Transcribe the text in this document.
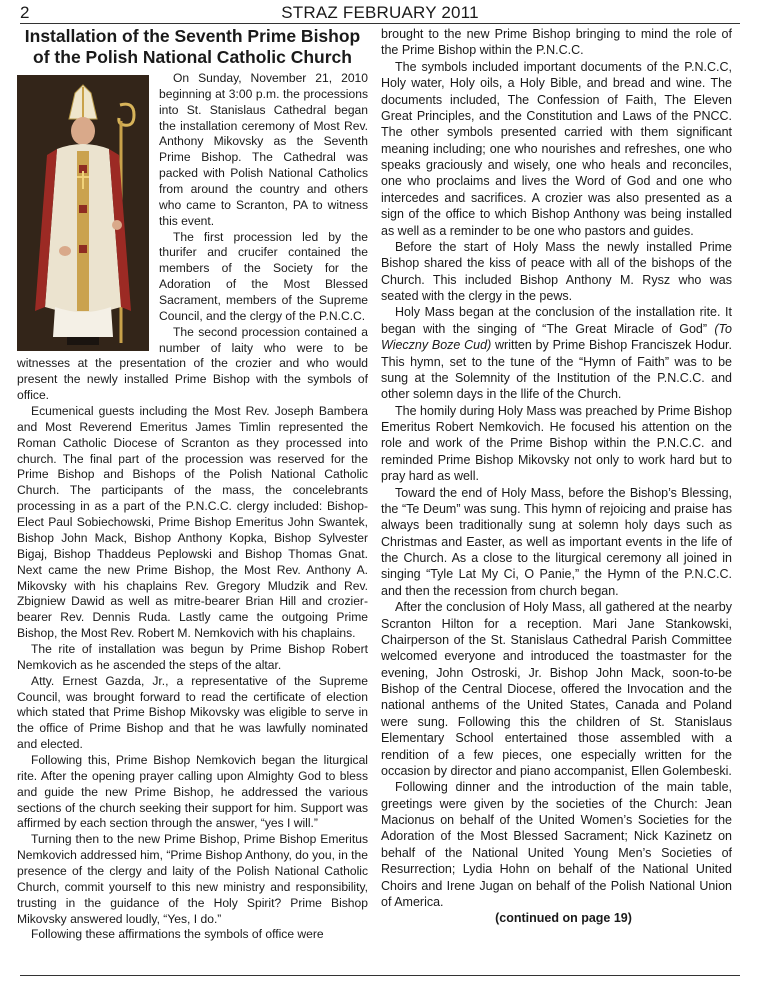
2	STRAZ FEBRUARY 2011
Installation of the Seventh Prime Bishop of the Polish National Catholic Church

On Sunday, November 21, 2010 beginning at 3:00 p.m. the processions into St. Stanislaus Cathedral began the installation ceremony of Most Rev. Anthony Mikovsky as the Seventh Prime Bishop. The Cathedral was packed with Polish National Catholics from around the country and others who came to Scranton, PA to witness this event.

The first procession led by the thurifer and crucifer contained the members of the Society for the Adoration of the Most Blessed Sacrament, members of the Supreme Council, and the clergy of the P.N.C.C.

The second procession contained a number of laity who were to be witnesses at the presentation of the crozier and who would present the newly installed Prime Bishop with the symbols of office.

Ecumenical guests including the Most Rev. Joseph Bambera and Most Reverend Emeritus James Timlin represented the Roman Catholic Diocese of Scranton as they processed into church. The final part of the procession was reserved for the Prime Bishop and Bishops of the Polish National Catholic Church. The participants of the mass, the concelebrants processing in as a part of the P.N.C.C. clergy included: Bishop-Elect Paul Sobiechowski, Prime Bishop Emeritus John Swantek, Bishop John Mack, Bishop Anthony Kopka, Bishop Sylvester Bigaj, Bishop Thaddeus Peplowski and Bishop Thomas Gnat. Next came the new Prime Bishop, the Most Rev. Anthony A. Mikovsky with his chaplains Rev. Gregory Mludzik and Rev. Zbigniew Dawid as well as mitre-bearer Brian Hill and crozier-bearer Rev. Dennis Ruda. Lastly came the outgoing Prime Bishop, the Most Rev. Robert M. Nemkovich with his chaplains.

The rite of installation was begun by Prime Bishop Robert Nemkovich as he ascended the steps of the altar.

Atty. Ernest Gazda, Jr., a representative of the Supreme Council, was brought forward to read the certificate of election which stated that Prime Bishop Mikovsky was eligible to serve in the office of Prime Bishop and that he was lawfully nominated and elected.

Following this, Prime Bishop Nemkovich began the liturgical rite. After the opening prayer calling upon Almighty God to bless and guide the new Prime Bishop, he addressed the various sections of the church seeking their support for him. Support was affirmed by each section through the answer, “yes I will.”

Turning then to the new Prime Bishop, Prime Bishop Emeritus Nemkovich addressed him, “Prime Bishop Anthony, do you, in the presence of the clergy and laity of the Polish National Catholic Church, commit yourself to this new ministry and responsibility, trusting in the guidance of the Holy Spirit? Prime Bishop Mikovsky answered loudly, “Yes, I do.”

Following these affirmations the symbols of office were

brought to the new Prime Bishop bringing to mind the role of the Prime Bishop within the P.N.C.C.

The symbols included important documents of the P.N.C.C, Holy water, Holy oils, a Holy Bible, and bread and wine. The documents included, The Confession of Faith, The Eleven Great Principles, and the Constitution and Laws of the PNCC. The other symbols presented carried with them significant meaning including; one who nourishes and refreshes, one who speaks graciously and wisely, one who heals and reconciles, one who proclaims and lives the Word of God and one who intercedes and sacrifices. A crozier was also presented as a sign of the office to which Bishop Anthony was being installed as well as a reminder to be one who pastors and guides.

Before the start of Holy Mass the newly installed Prime Bishop shared the kiss of peace with all of the bishops of the Church. This included Bishop Anthony M. Rysz who was seated with the clergy in the pews.

Holy Mass began at the conclusion of the installation rite. It began with the singing of “The Great Miracle of God” (To Wieczny Boze Cud) written by Prime Bishop Franciszek Hodur. This hymn, set to the tune of the “Hymn of Faith” was to be sung at the Solemnity of the Institution of the P.N.C.C. and other solemn days in the llife of the Church.

The homily during Holy Mass was preached by Prime Bishop Emeritus Robert Nemkovich. He focused his attention on the role and work of the Prime Bishop within the P.N.C.C. and reminded Prime Bishop Mikovsky not only to work hard but to pray hard as well.

Toward the end of Holy Mass, before the Bishop’s Blessing, the “Te Deum” was sung. This hymn of rejoicing and praise has always been traditionally sung at solemn holy days such as Christmas and Easter, as well as important events in the life of the Church. As a close to the liturgical ceremony all joined in singing “Tyle Lat My Ci, O Panie,” the Hymn of the P.N.C.C. and then the recession from church began.

After the conclusion of Holy Mass, all gathered at the nearby Scranton Hilton for a reception. Mari Jane Stankowski, Chairperson of the St. Stanislaus Cathedral Parish Committee welcomed everyone and introduced the toastmaster for the evening, John Ostroski, Jr. Bishop John Mack, soon-to-be Bishop of the Central Diocese, offered the Invocation and the national anthems of the United States, Canada and Poland were sung. Following this the children of St. Stanislaus Elementary School entertained those assembled with a rendition of a few pieces, one especially written for the occasion by director and piano accompanist, Ellen Golembeski.

Following dinner and the introduction of the main table, greetings were given by the societies of the Church: Jean Macionus on behalf of the United Women’s Societies for the Adoration of the Most Blessed Sacrament; Nick Kazinetz on behalf of the National United Young Men’s Societies of Resurrection; Lydia Hohn on behalf of the National United Choirs and Irene Jugan on behalf of the Polish National Union of America.

(continued on page 19)
